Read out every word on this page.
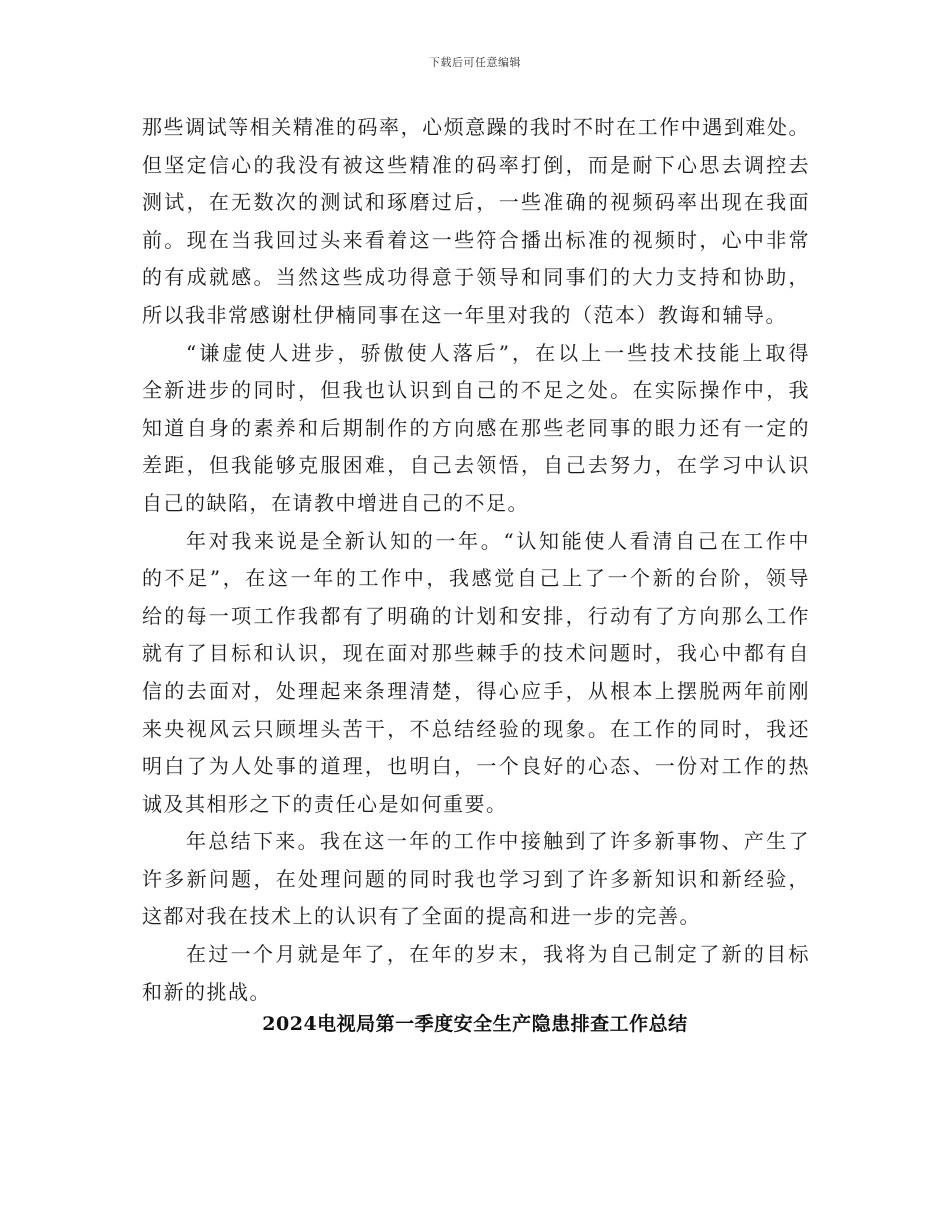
下载后可任意编辑
那些调试等相关精准的码率，心烦意躁的我时不时在工作中遇到难处。
但坚定信心的我没有被这些精准的码率打倒，而是耐下心思去调控去
测试，在无数次的测试和琢磨过后，一些准确的视频码率出现在我面
前。现在当我回过头来看着这一些符合播出标准的视频时，心中非常
的有成就感。当然这些成功得意于领导和同事们的大力支持和协助，
所以我非常感谢杜伊楠同事在这一年里对我的（范本）教诲和辅导。
“谦虚使人进步，骄傲使人落后”，在以上一些技术技能上取得
全新进步的同时，但我也认识到自己的不足之处。在实际操作中，我
知道自身的素养和后期制作的方向感在那些老同事的眼力还有一定的
差距，但我能够克服困难，自己去领悟，自己去努力，在学习中认识
自己的缺陷，在请教中增进自己的不足。
年对我来说是全新认知的一年。“认知能使人看清自己在工作中
的不足”，在这一年的工作中，我感觉自己上了一个新的台阶，领导
给的每一项工作我都有了明确的计划和安排，行动有了方向那么工作
就有了目标和认识，现在面对那些棘手的技术问题时，我心中都有自
信的去面对，处理起来条理清楚，得心应手，从根本上摆脱两年前刚
来央视风云只顾埋头苦干，不总结经验的现象。在工作的同时，我还
明白了为人处事的道理，也明白，一个良好的心态、一份对工作的热
诚及其相形之下的责任心是如何重要。
年总结下来。我在这一年的工作中接触到了许多新事物、产生了
许多新问题，在处理问题的同时我也学习到了许多新知识和新经验，
这都对我在技术上的认识有了全面的提高和进一步的完善。
在过一个月就是年了，在年的岁末，我将为自己制定了新的目标
和新的挑战。
2024电视局第一季度安全生产隐患排查工作总结
